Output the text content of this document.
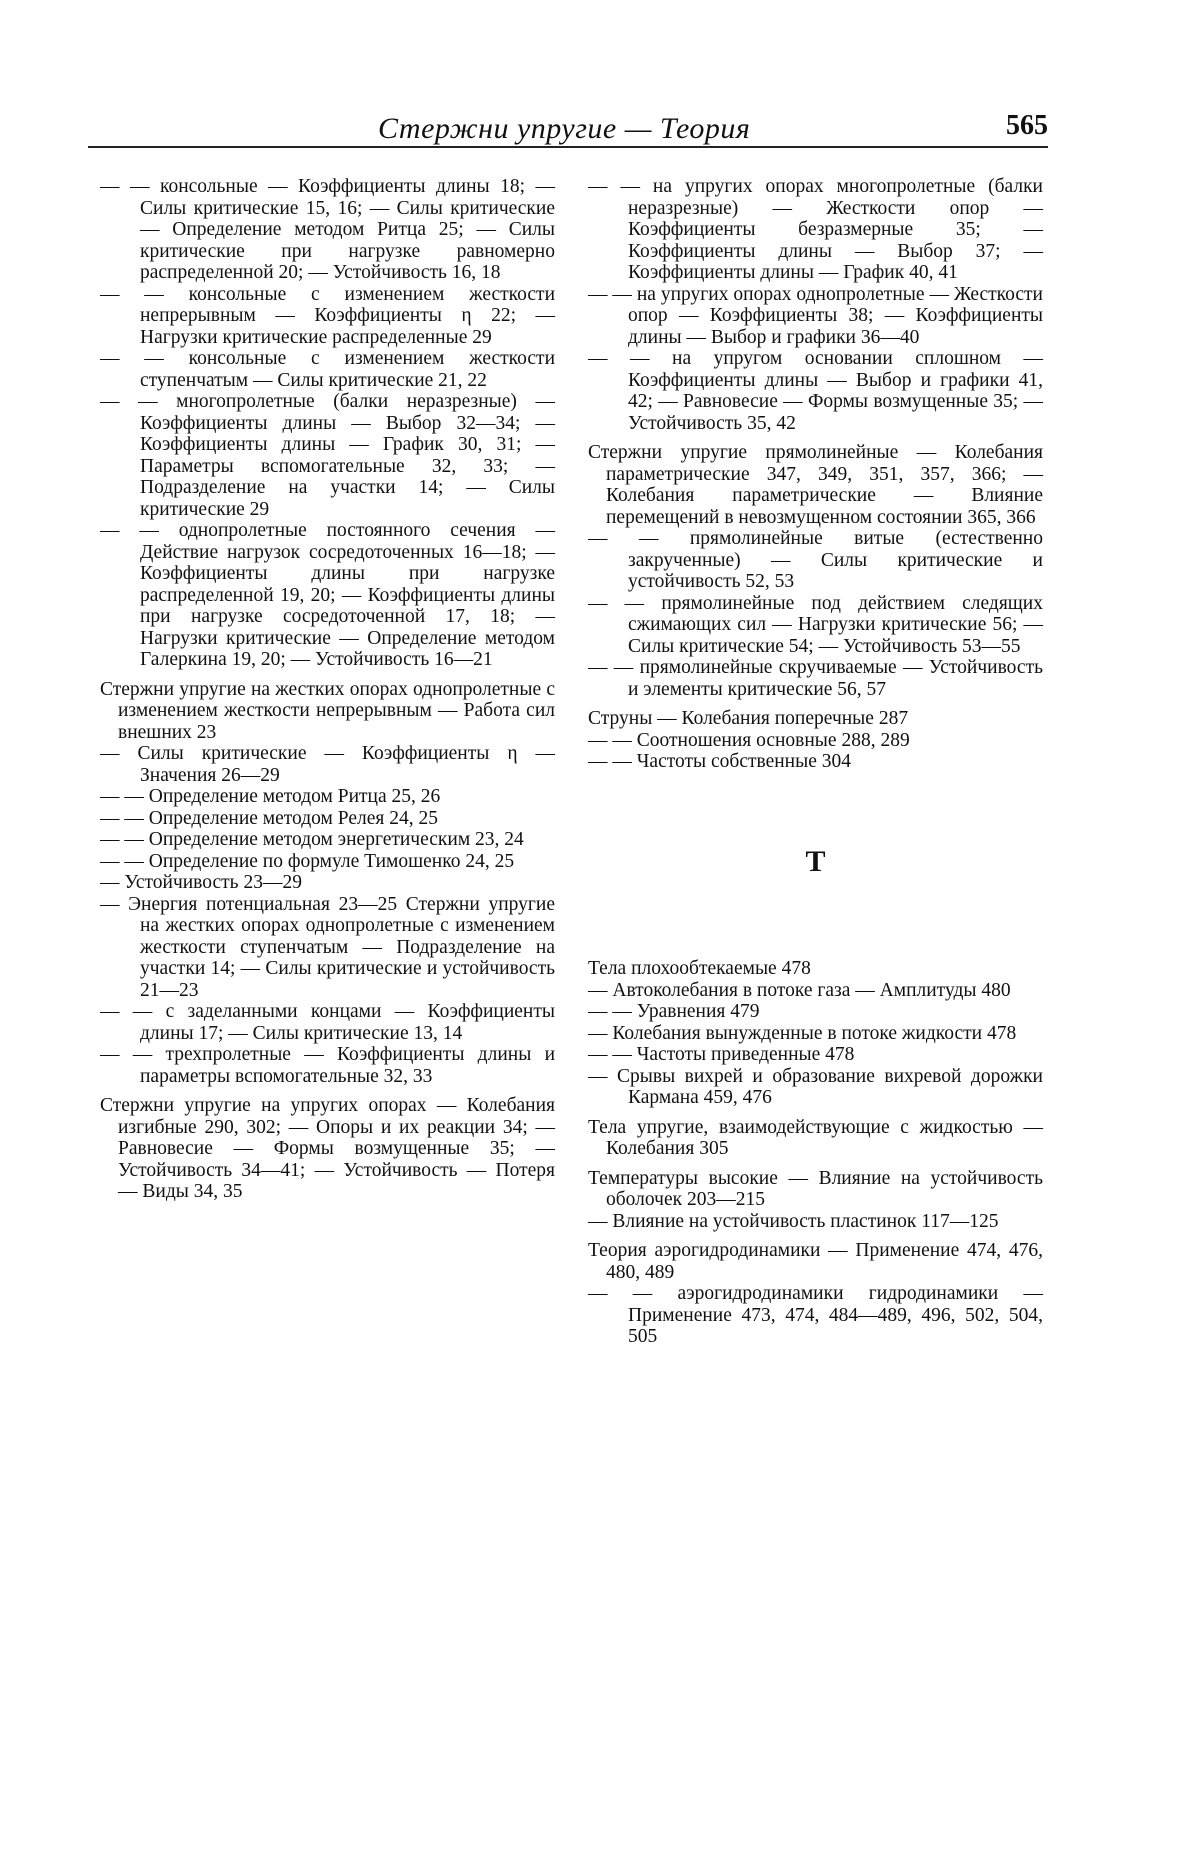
Стержни упругие — Теория	565
— — консольные — Коэффициенты длины 18; — Силы критические 15, 16; — Силы критические — Определение методом Ритца 25; — Силы критические при нагрузке равномерно распределенной 20; — Устойчивость 16, 18
— — консольные с изменением жесткости непрерывным — Коэффициенты η 22; — Нагрузки критические распределенные 29
— — консольные с изменением жесткости ступенчатым — Силы критические 21, 22
— — многопролетные (балки неразрезные) — Коэффициенты длины — Выбор 32—34; — Коэффициенты длины — График 30, 31; — Параметры вспомогательные 32, 33; — Подразделение на участки 14; — Силы критические 29
— — однопролетные постоянного сечения — Действие нагрузок сосредоточенных 16—18; — Коэффициенты длины при нагрузке распределенной 19, 20; — Коэффициенты длины при нагрузке сосредоточенной 17, 18; — Нагрузки критические — Определение методом Галеркина 19, 20; — Устойчивость 16—21
Стержни упругие на жестких опорах однопролетные с изменением жесткости непрерывным — Работа сил внешних 23
— Силы критические — Коэффициенты η — Значения 26—29
— — Определение методом Ритца 25, 26
— — Определение методом Релея 24, 25
— — Определение методом энергетическим 23, 24
— — Определение по формуле Тимошенко 24, 25
— Устойчивость 23—29
— Энергия потенциальная 23—25 Стержни упругие на жестких опорах однопролетные с изменением жесткости ступенчатым — Подразделение на участки 14; — Силы критические и устойчивость 21—23
— — с заделанными концами — Коэффициенты длины 17; — Силы критические 13, 14
— — трехпролетные — Коэффициенты длины и параметры вспомогательные 32, 33
Стержни упругие на упругих опорах — Колебания изгибные 290, 302; — Опоры и их реакции 34; — Равновесие — Формы возмущенные 35; — Устойчивость 34—41; — Устойчивость — Потеря — Виды 34, 35
— — на упругих опорах многопролетные (балки неразрезные) — Жесткости опор — Коэффициенты безразмерные 35; — Коэффициенты длины — Выбор 37; — Коэффициенты длины — График 40, 41
— — на упругих опорах однопролетные — Жесткости опор — Коэффициенты 38; — Коэффициенты длины — Выбор и графики 36—40
— — на упругом основании сплошном — Коэффициенты длины — Выбор и графики 41, 42; — Равновесие — Формы возмущенные 35; — Устойчивость 35, 42
Стержни упругие прямолинейные — Колебания параметрические 347, 349, 351, 357, 366; — Колебания параметрические — Влияние перемещений в невозмущенном состоянии 365, 366
— — прямолинейные витые (естественно закрученные) — Силы критические и устойчивость 52, 53
— — прямолинейные под действием следящих сжимающих сил — Нагрузки критические 56; — Силы критические 54; — Устойчивость 53—55
— — прямолинейные скручиваемые — Устойчивость и элементы критические 56, 57
Струны — Колебания поперечные 287
— — Соотношения основные 288, 289
— — Частоты собственные 304
Т
Тела плохообтекаемые 478
— Автоколебания в потоке газа — Амплитуды 480
— — Уравнения 479
— Колебания вынужденные в потоке жидкости 478
— — Частоты приведенные 478
— Срывы вихрей и образование вихревой дорожки Кармана 459, 476
Тела упругие, взаимодействующие с жидкостью — Колебания 305
Температуры высокие — Влияние на устойчивость оболочек 203—215
— Влияние на устойчивость пластинок 117—125
Теория аэрогидродинамики — Применение 474, 476, 480, 489
— — аэрогидродинамики гидродинамики — Применение 473, 474, 484—489, 496, 502, 504, 505
